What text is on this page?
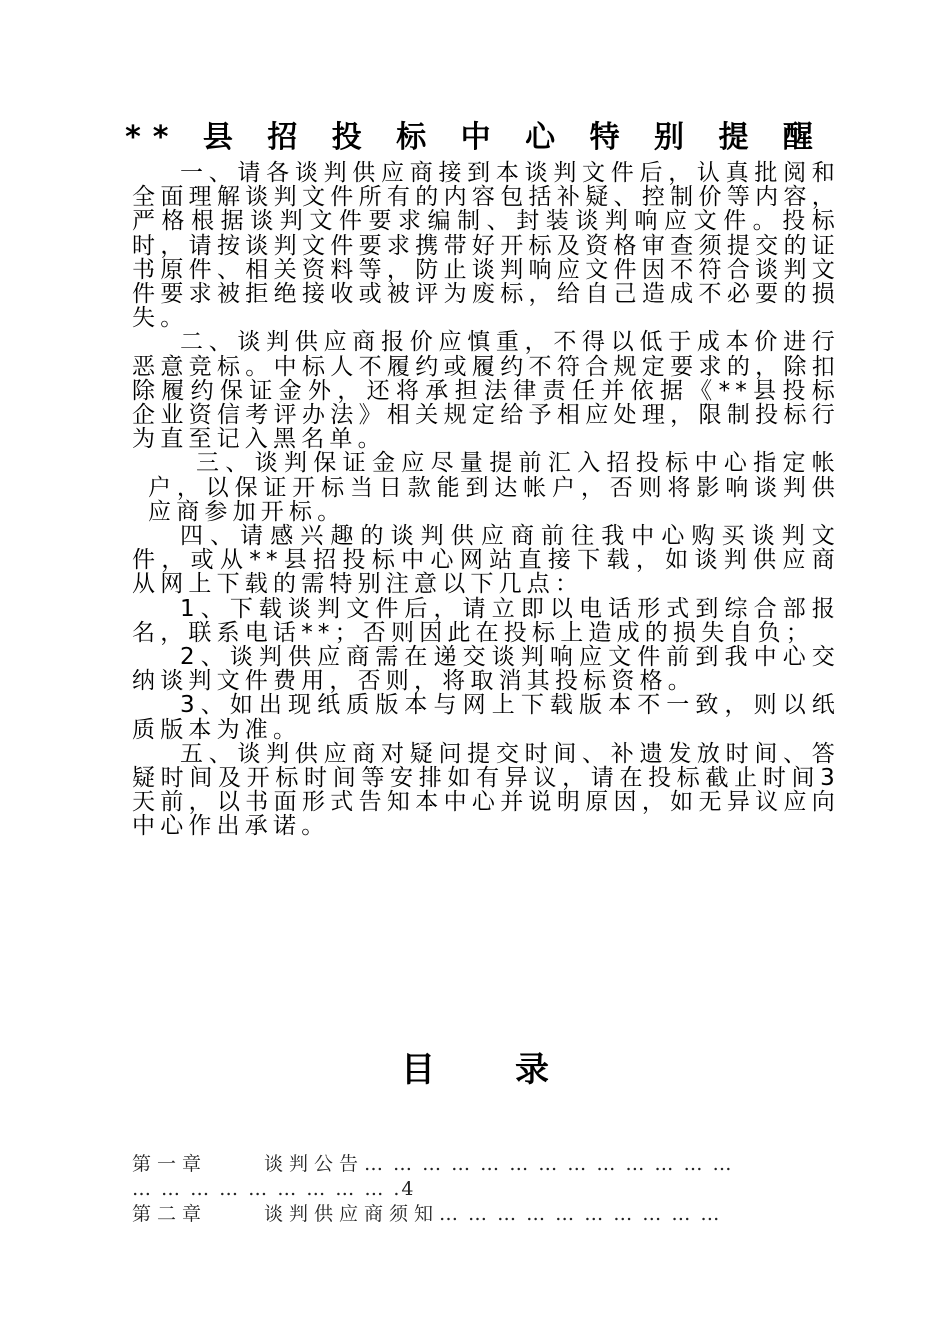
** 县 招 投 标 中 心 特 别 提 醒

一、请各谈判供应商接到本谈判文件后，认真批阅和全面理解谈判文件所有的内容包括补疑、控制价等内容，严格根据谈判文件要求编制、封装谈判响应文件。投标时，请按谈判文件要求携带好开标及资格审查须提交的证书原件、相关资料等，防止谈判响应文件因不符合谈判文件要求被拒绝接收或被评为废标，给自己造成不必要的损失。

二、谈判供应商报价应慎重，不得以低于成本价进行恶意竞标。中标人不履约或履约不符合规定要求的，除扣除履约保证金外，还将承担法律责任并依据《**县投标企业资信考评办法》相关规定给予相应处理，限制投标行为直至记入黑名单。

三、谈判保证金应尽量提前汇入招投标中心指定帐户，以保证开标当日款能到达帐户，否则将影响谈判供应商参加开标。

四、请感兴趣的谈判供应商前往我中心购买谈判文件，或从**县招投标中心网站直接下载，如谈判供应商从网上下载的需特别注意以下几点：

1、下载谈判文件后，请立即以电话形式到综合部报名，联系电话**；否则因此在投标上造成的损失自负；

2、谈判供应商需在递交谈判响应文件前到我中心交纳谈判文件费用，否则，将取消其投标资格。

3、如出现纸质版本与网上下载版本不一致，则以纸质版本为准。

五、谈判供应商对疑问提交时间、补遗发放时间、答疑时间及开标时间等安排如有异议，请在投标截止时间3天前，以书面形式告知本中心并说明原因，如无异议应向中心作出承诺。

目 录
第一章	谈判公告… … … … … … … … … … … … …
… … … … … … … … … .4
第二章	谈判供应商须知… … … … … … … … … …
